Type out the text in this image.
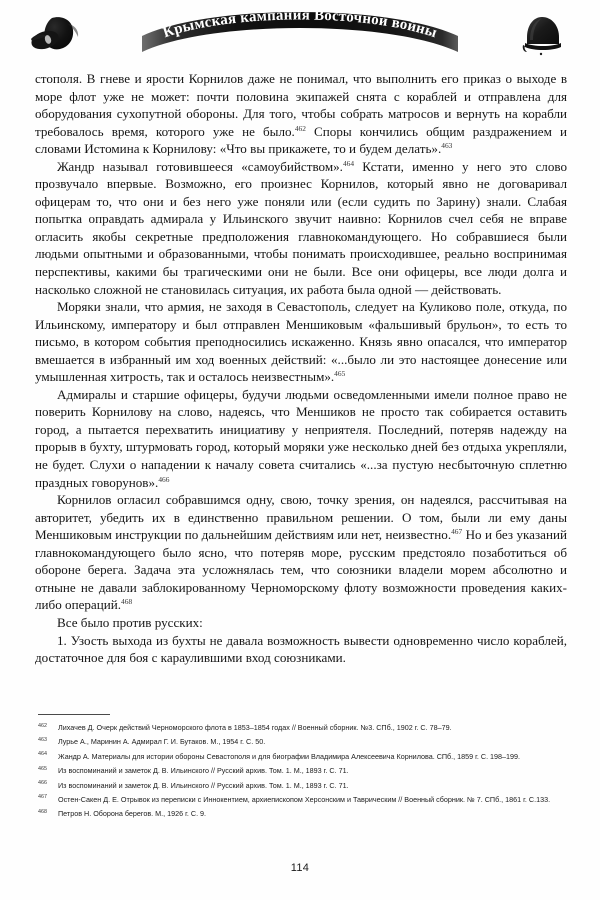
Крымская кампания Восточной войны

стополя. В гневе и ярости Корнилов даже не понимал, что выполнить его приказ о выходе в море флот уже не может: почти половина экипажей снята с кораблей и отправлена для оборудования сухопутной обороны. Для того, чтобы собрать матросов и вернуть на корабли требовалось время, которого уже не было.$^{462}$ Споры кончились общим раздражением и словами Истомина к Корнилову: «Что вы прикажете, то и будем делать».$^{463}$

Жандр называл готовившееся «самоубийством».$^{464}$ Кстати, именно у него это слово прозвучало впервые. Возможно, его произнес Корнилов, который явно не договаривал офицерам то, что они и без него уже поняли или (если судить по Зарину) знали. Слабая попытка оправдать адмирала у Ильинского звучит наивно: Корнилов счел себя не вправе огласить якобы секретные предположения главнокомандующего. Но собравшиеся были людьми опытными и образованными, чтобы понимать происходившее, реально воспринимая перспективы, какими бы трагическими они не были. Все они офицеры, все люди долга и насколько сложной не становилась ситуация, их работа была одной — действовать.

Моряки знали, что армия, не заходя в Севастополь, следует на Куликово поле, откуда, по Ильинскому, императору и был отправлен Меншиковым «фальшивый брульон», то есть то письмо, в котором события преподносились искаженно. Князь явно опасался, что император вмешается в избранный им ход военных действий: «...было ли это настоящее донесение или умышленная хитрость, так и осталось неизвестным».$^{465}$

Адмиралы и старшие офицеры, будучи людьми осведомленными имели полное право не поверить Корнилову на слово, надеясь, что Меншиков не просто так собирается оставить город, а пытается перехватить инициативу у неприятеля. Последний, потеряв надежду на прорыв в бухту, штурмовать город, который моряки уже несколько дней без отдыха укрепляли, не будет. Слухи о нападении к началу совета считались «...за пустую несбыточную сплетню праздных говорунов».$^{466}$

Корнилов огласил собравшимся одну, свою, точку зрения, он надеялся, рассчитывая на авторитет, убедить их в единственно правильном решении. О том, были ли ему даны Меншиковым инструкции по дальнейшим действиям или нет, неизвестно.$^{467}$ Но и без указаний главнокомандующего было ясно, что потеряв море, русским предстояло позаботиться об обороне берега. Задача эта усложнялась тем, что союзники владели морем абсолютно и отныне не давали заблокированному Черноморскому флоту возможности проведения каких-либо операций.$^{468}$

Все было против русских:

1. Узость выхода из бухты не давала возможность вывести одновременно число кораблей, достаточное для боя с караулившими вход союзниками.

462	Лихачев Д. Очерк действий Черноморского флота в 1853–1854 годах // Военный сборник. №3. СПб., 1902 г. С. 78–79.
463	Лурье А., Маринин А. Адмирал Г. И. Бутаков. М., 1954 г. С. 50.
464	Жандр А. Материалы для истории обороны Севастополя и для биографии Владимира Алексеевича Корнилова. СПб., 1859 г. С. 198–199.
465	Из воспоминаний и заметок Д. В. Ильинского // Русский архив. Том. 1. М., 1893 г. С. 71.
466	Из воспоминаний и заметок Д. В. Ильинского // Русский архив. Том. 1. М., 1893 г. С. 71.
467	Остен-Сакен Д. Е. Отрывок из переписки с Иннокентием, архиепископом Херсонским и Таврическим // Военный сборник. № 7. СПб., 1861 г. С.133.
468	Петров Н. Оборона берегов. М., 1926 г. С. 9.
114
